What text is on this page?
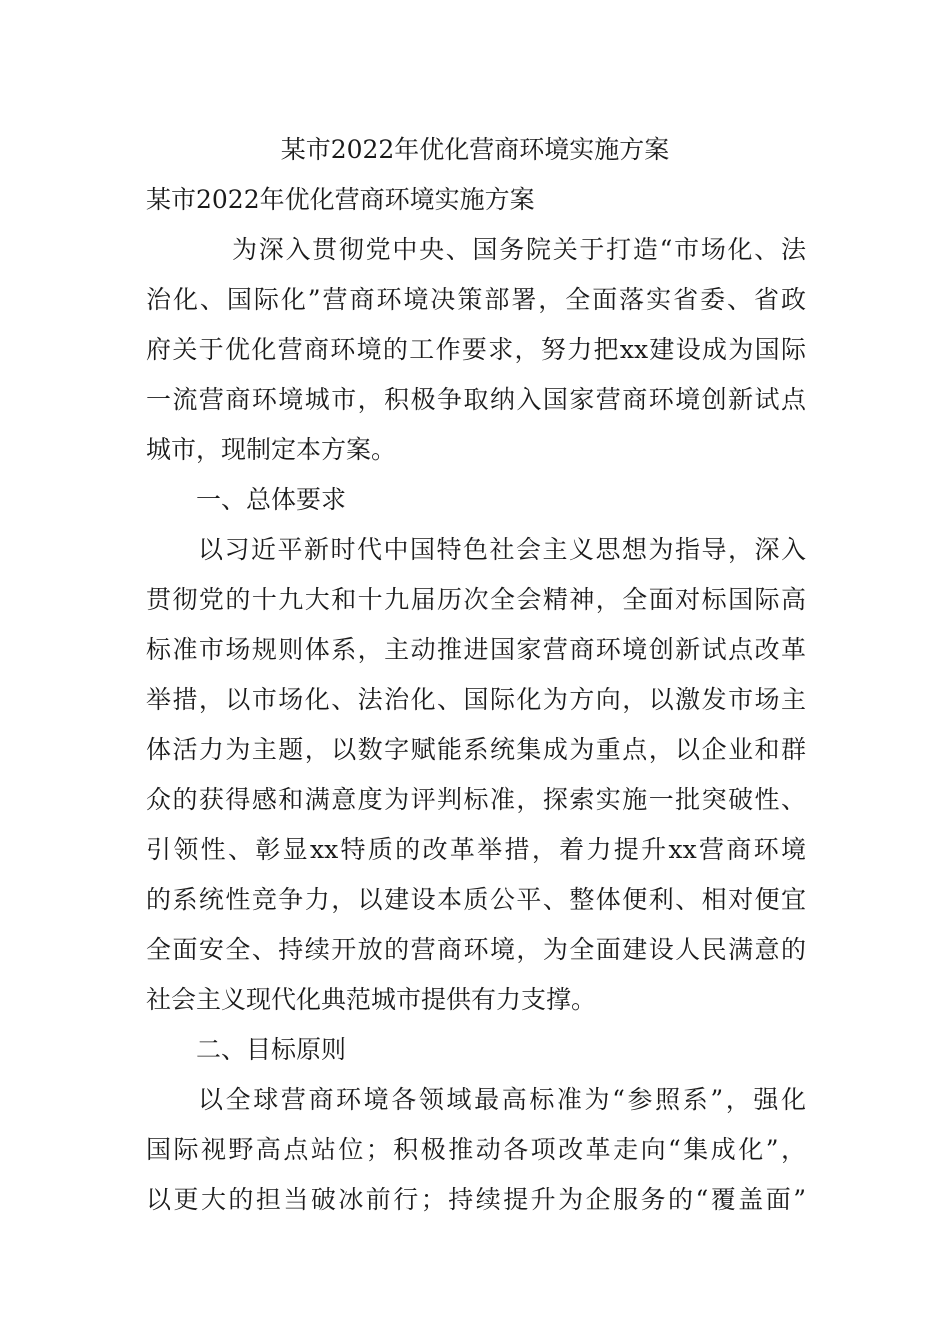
某市2022年优化营商环境实施方案
某市2022年优化营商环境实施方案
为深入贯彻党中央、国务院关于打造“市场化、法
治化、国际化”营商环境决策部署，全面落实省委、省政
府关于优化营商环境的工作要求，努力把xx建设成为国际
一流营商环境城市，积极争取纳入国家营商环境创新试点
城市，现制定本方案。
一、总体要求
以习近平新时代中国特色社会主义思想为指导，深入
贯彻党的十九大和十九届历次全会精神，全面对标国际高
标准市场规则体系，主动推进国家营商环境创新试点改革
举措，以市场化、法治化、国际化为方向，以激发市场主
体活力为主题，以数字赋能系统集成为重点，以企业和群
众的获得感和满意度为评判标准，探索实施一批突破性、
引领性、彰显xx特质的改革举措，着力提升xx营商环境
的系统性竞争力，以建设本质公平、整体便利、相对便宜
全面安全、持续开放的营商环境，为全面建设人民满意的
社会主义现代化典范城市提供有力支撑。
二、目标原则
以全球营商环境各领域最高标准为“参照系”，强化
国际视野高点站位；积极推动各项改革走向“集成化”，
以更大的担当破冰前行；持续提升为企服务的“覆盖面”
